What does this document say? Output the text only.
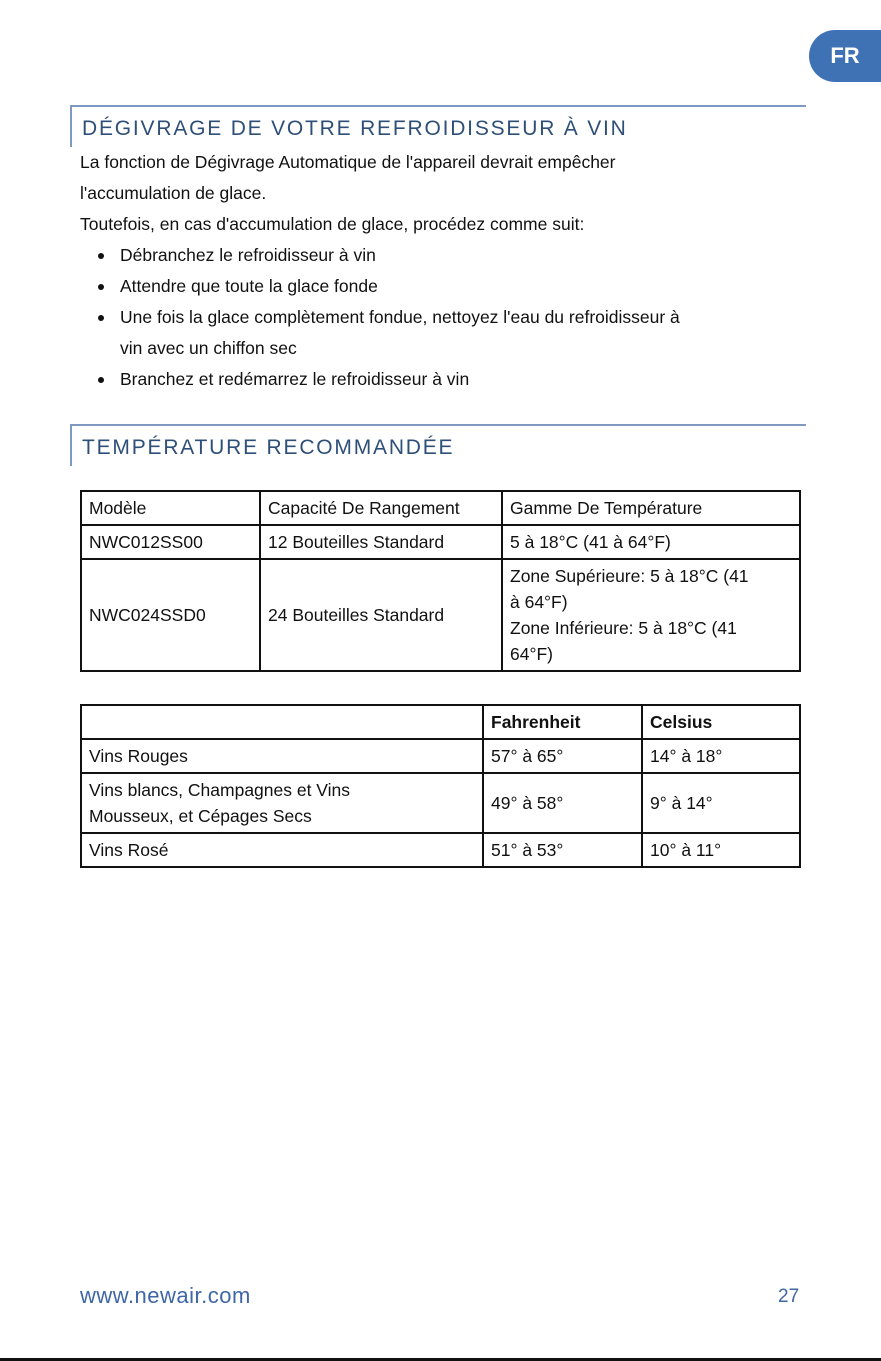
FR
DÉGIVRAGE DE VOTRE REFROIDISSEUR À VIN
La fonction de Dégivrage Automatique de l'appareil devrait empêcher
l'accumulation de glace.
Toutefois, en cas d'accumulation de glace, procédez comme suit:
Débranchez le refroidisseur à vin
Attendre que toute la glace fonde
Une fois la glace complètement fondue, nettoyez l'eau du refroidisseur à
vin avec un chiffon sec
Branchez et redémarrez le refroidisseur à vin
TEMPÉRATURE RECOMMANDÉE
Modèle	Capacité De Rangement	Gamme De Température
NWC012SS00	12 Bouteilles Standard	5 à 18°C (41 à 64°F)
NWC024SSD0	24 Bouteilles Standard	Zone Supérieure: 5 à 18°C (41
à 64°F)
Zone Inférieure: 5 à 18°C (41
64°F)
	Fahrenheit	Celsius
Vins Rouges	57° à 65°	14° à 18°

Vins blancs, Champagnes et Vins
Mousseux, et Cépages Secs	49° à 58°	9° à 14°
Vins Rosé	51° à 53°	10° à 11°
www.newair.com	27
